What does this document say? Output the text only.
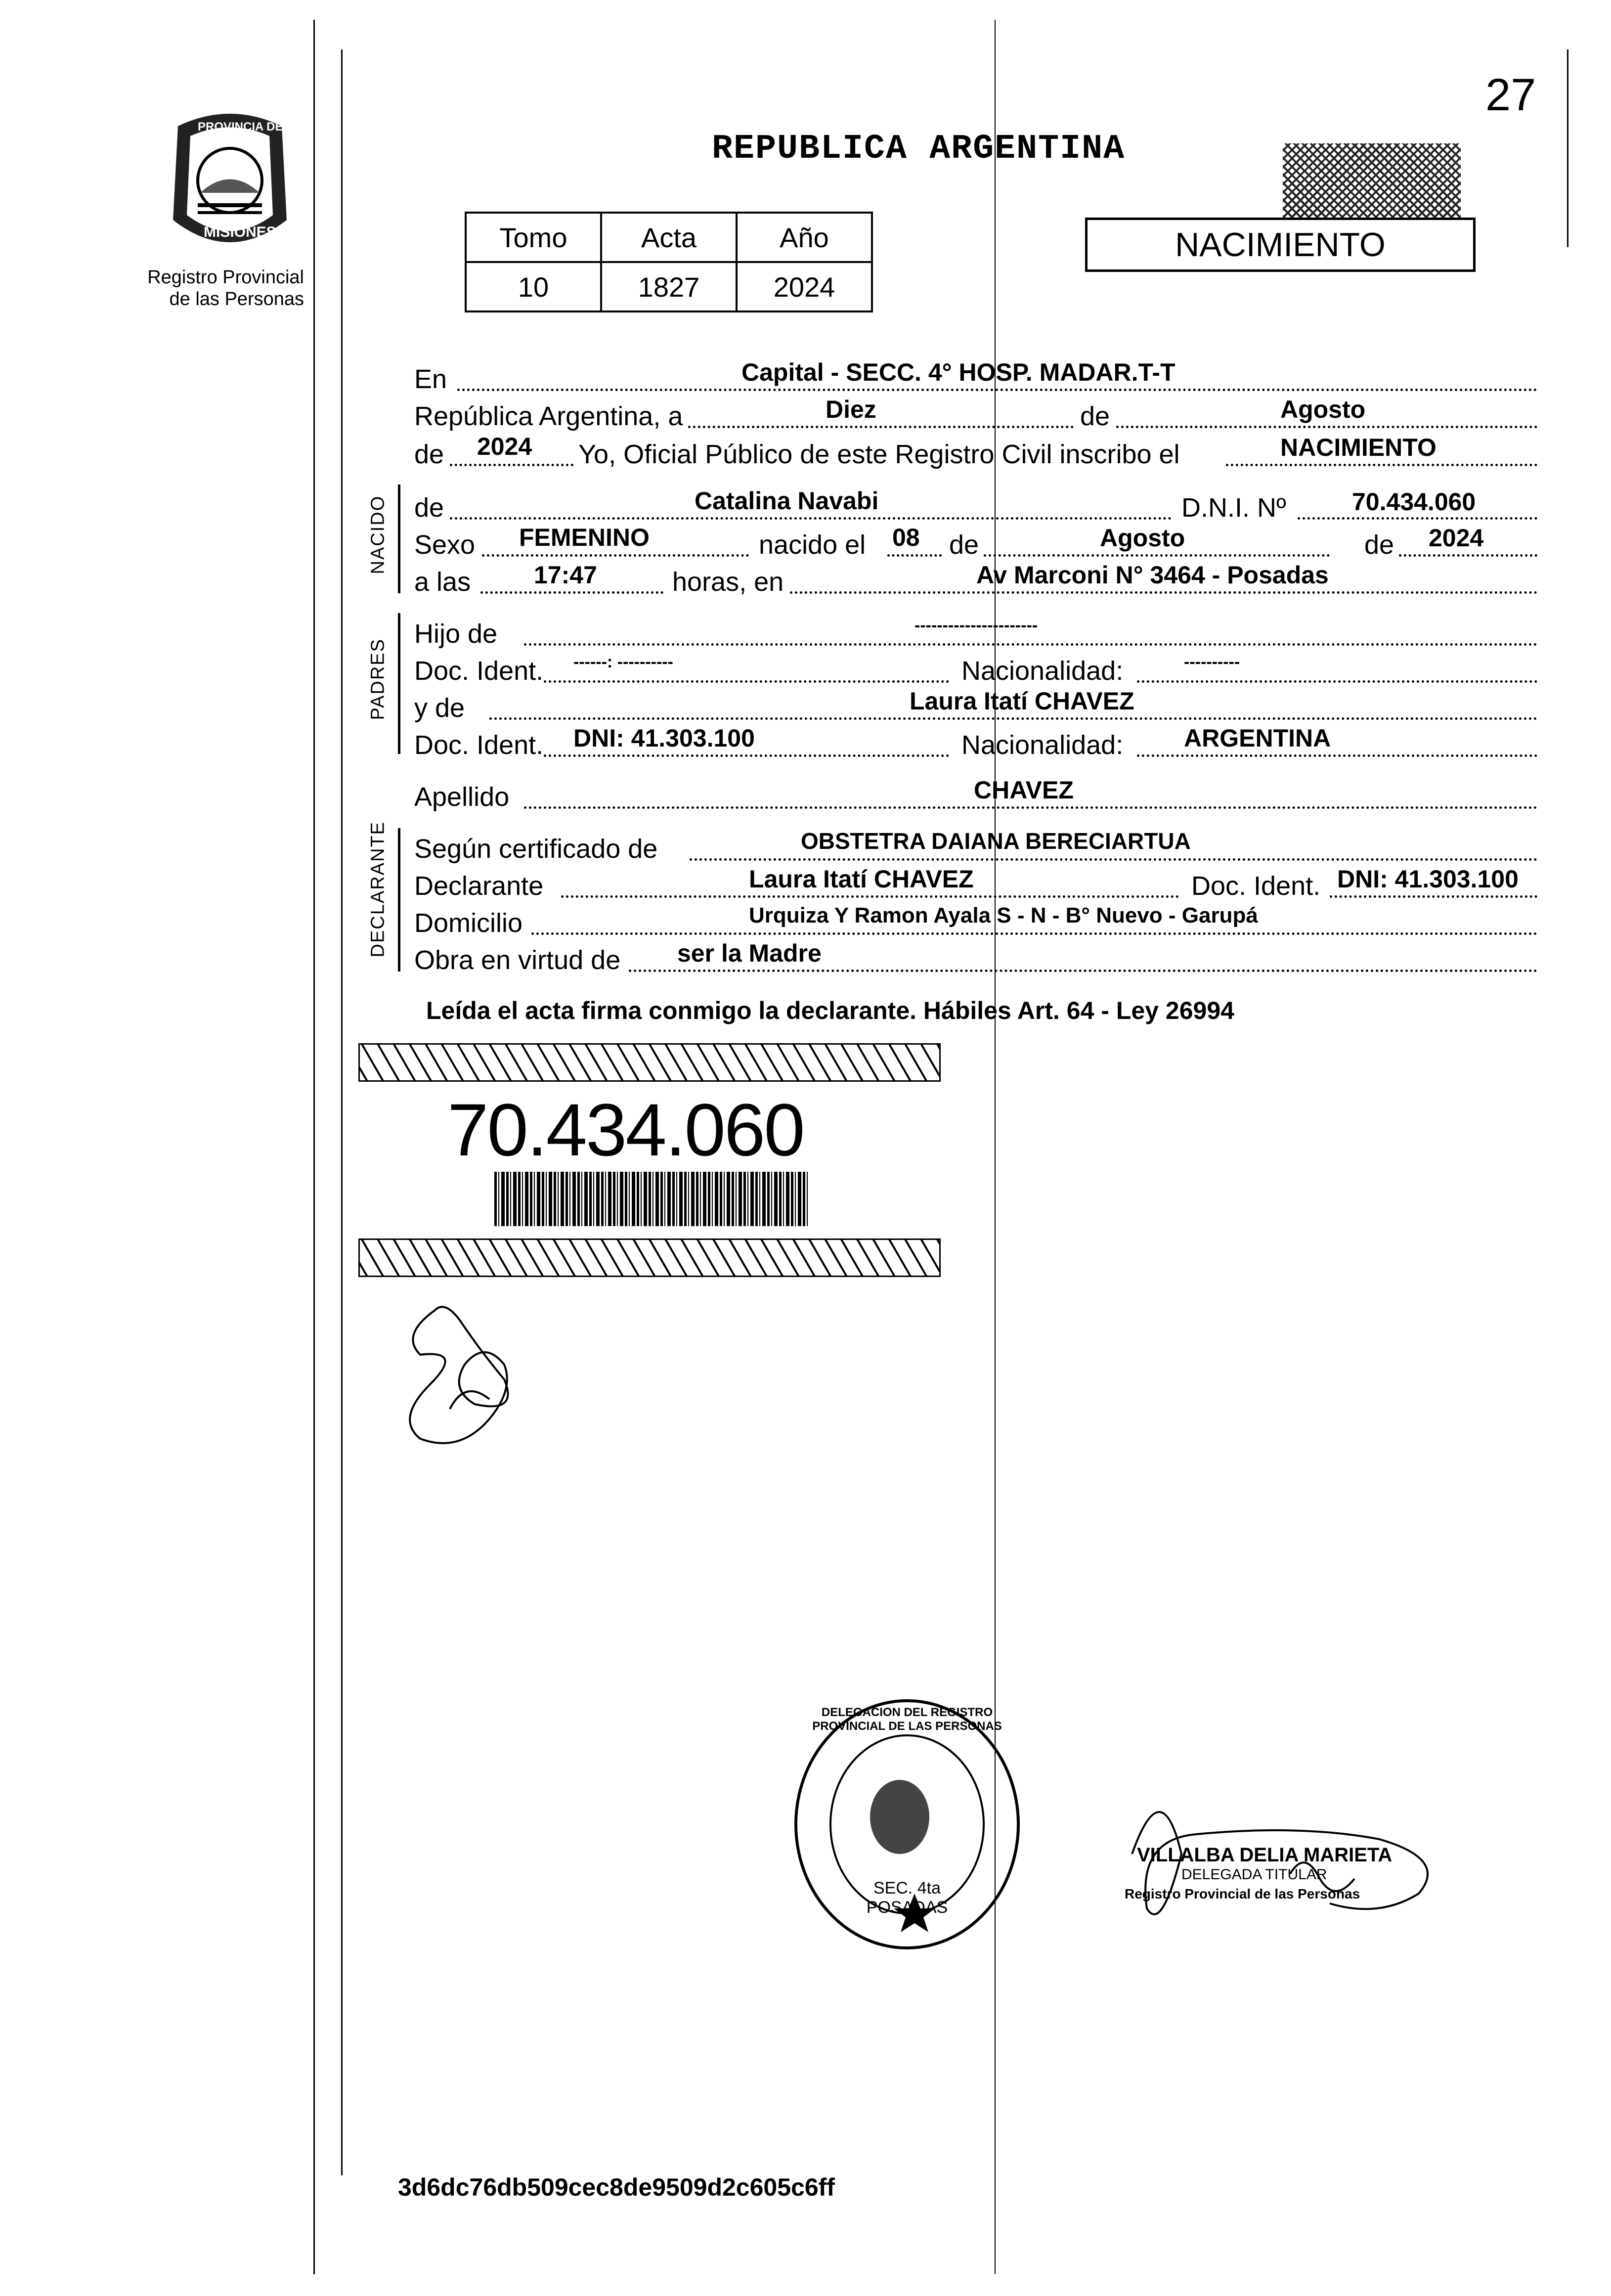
27
PROVINCIA DE
MISIONES
Registro Provincial
de las Personas
REPUBLICA ARGENTINA
Tomo	Acta	Año
10	1827	2024
NACIMIENTO
En	Capital - SECC. 4° HOSP. MADAR.T-T
República Argentina, a	Diez	de	Agosto
de 2024 Yo, Oficial Público de este Registro Civil inscribo el	NACIMIENTO
NACIDO de	Catalina Navabi	D.N.I. Nº	70.434.060
Sexo FEMENINO	nacido el 08 de	Agosto	de 2024
a las	17:47	horas, en	Av Marconi N° 3464 - Posadas
PADRES
Hijo de	----------------------
Doc. Ident. ------: ----------	Nacionalidad:	----------
y de	Laura Itatí CHAVEZ
Doc. Ident. DNI: 41.303.100	Nacionalidad: ARGENTINA
Apellido	CHAVEZ
DECLARANTE Según certificado de	OBSTETRA DAIANA BERECIARTUA
Declarante	Laura Itatí CHAVEZ	Doc. Ident. DNI: 41.303.100
Domicilio	Urquiza Y Ramon Ayala S - N - B° Nuevo - Garupá
Obra en virtud de ser la Madre
Leída el acta firma conmigo la declarante. Hábiles Art. 64 - Ley 26994
70.434.060
DELEGACION DEL REGISTRO PROVINCIAL DE LAS PERSONAS
SEC. 4ta POSADAS
VILLALBA DELIA MARIETA
DELEGADA TITULAR
Registro Provincial de las Personas
3d6dc76db509cec8de9509d2c605c6ff
